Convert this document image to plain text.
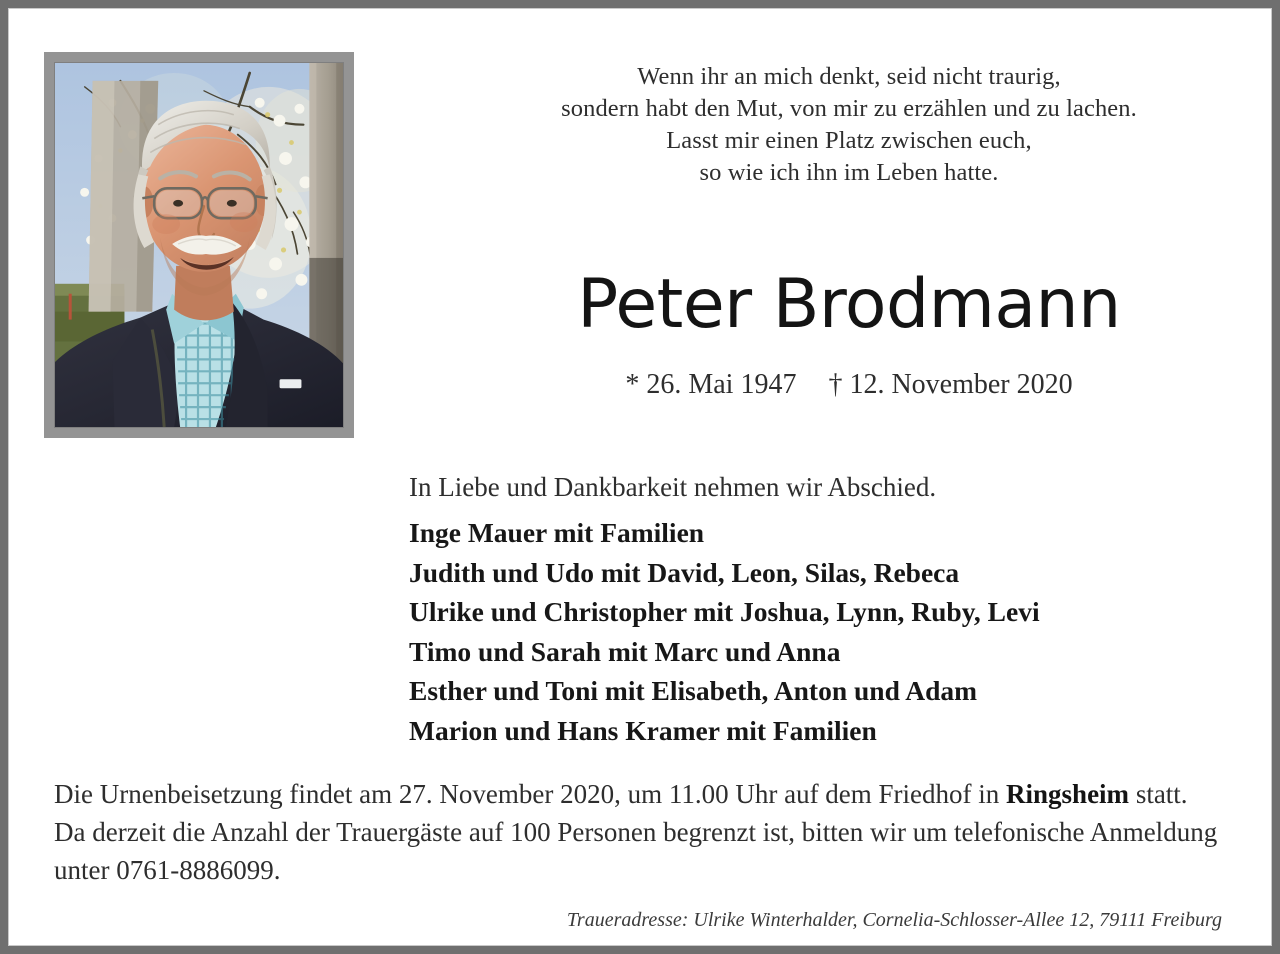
Wenn ihr an mich denkt, seid nicht traurig,
sondern habt den Mut, von mir zu erzählen und zu lachen.
Lasst mir einen Platz zwischen euch,
so wie ich ihn im Leben hatte.
Peter Brodmann
* 26. Mai 1947 † 12. November 2020
In Liebe und Dankbarkeit nehmen wir Abschied.
Inge Mauer mit Familien
Judith und Udo mit David, Leon, Silas, Rebeca
Ulrike und Christopher mit Joshua, Lynn, Ruby, Levi
Timo und Sarah mit Marc und Anna
Esther und Toni mit Elisabeth, Anton und Adam
Marion und Hans Kramer mit Familien
Die Urnenbeisetzung findet am 27. November 2020, um 11.00 Uhr auf dem Friedhof in Ringsheim statt. Da derzeit die Anzahl der Trauergäste auf 100 Personen begrenzt ist, bitten wir um telefonische Anmeldung unter 0761-8886099.
Traueradresse: Ulrike Winterhalder, Cornelia-Schlosser-Allee 12, 79111 Freiburg
